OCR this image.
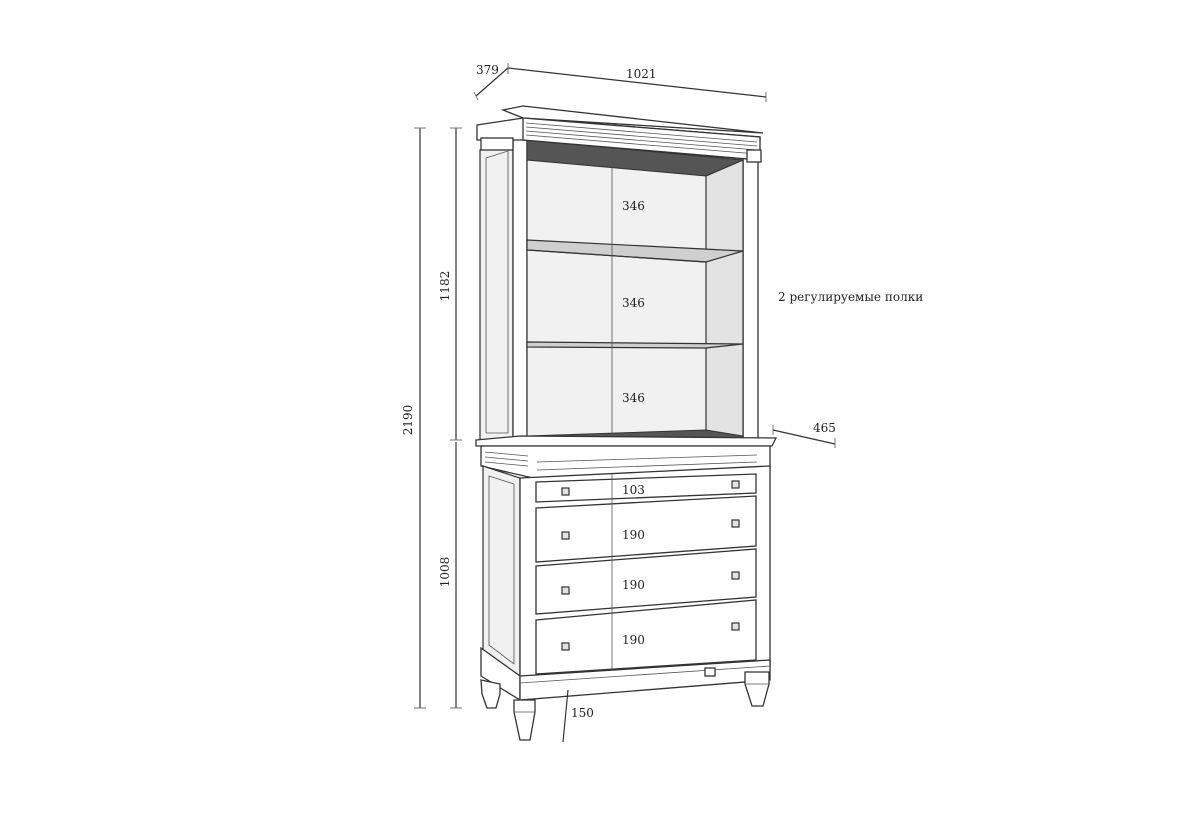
379	1021
2190
1182
1008
465
150
346
346
346
103
190
190
190
2 регулируемые полки
